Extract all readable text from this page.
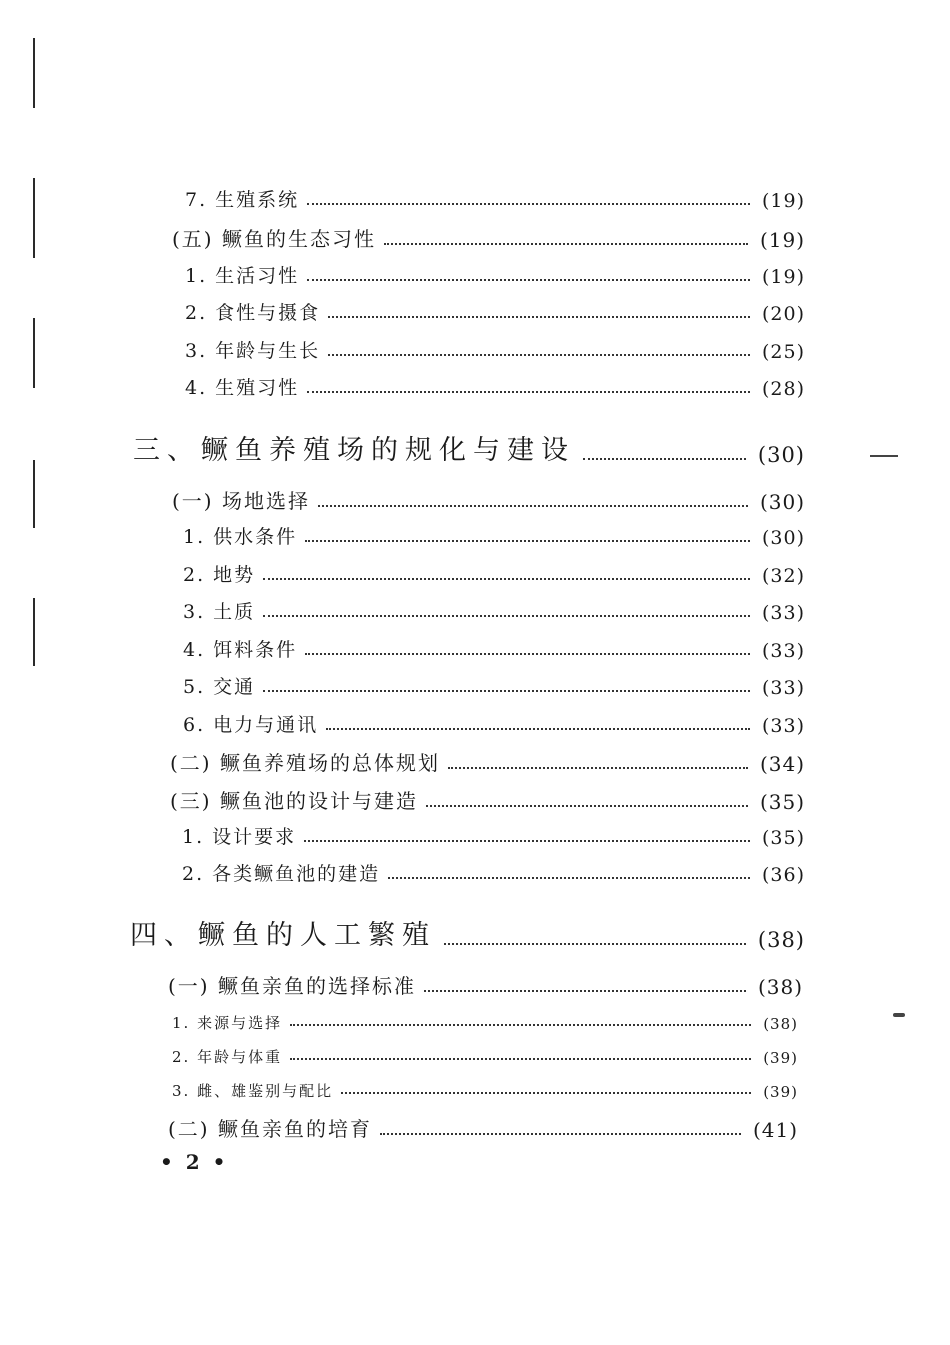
7. 生殖系统	(19)
(五) 鳜鱼的生态习性	(19)
1. 生活习性	(19)
2. 食性与摄食	(20)
3. 年龄与生长	(25)
4. 生殖习性	(28)
三、鳜鱼养殖场的规化与建设	(30)
(一) 场地选择	(30)
1. 供水条件	(30)
2. 地势	(32)
3. 土质	(33)
4. 饵料条件	(33)
5. 交通	(33)
6. 电力与通讯	(33)
(二) 鳜鱼养殖场的总体规划	(34)
(三) 鳜鱼池的设计与建造	(35)
1. 设计要求	(35)
2. 各类鳜鱼池的建造	(36)
四、鳜鱼的人工繁殖	(38)
(一) 鳜鱼亲鱼的选择标准	(38)
1. 来源与选择	(38)
2. 年龄与体重	(39)
3. 雌、雄鉴别与配比	(39)
(二) 鳜鱼亲鱼的培育	(41)
• 2 •
